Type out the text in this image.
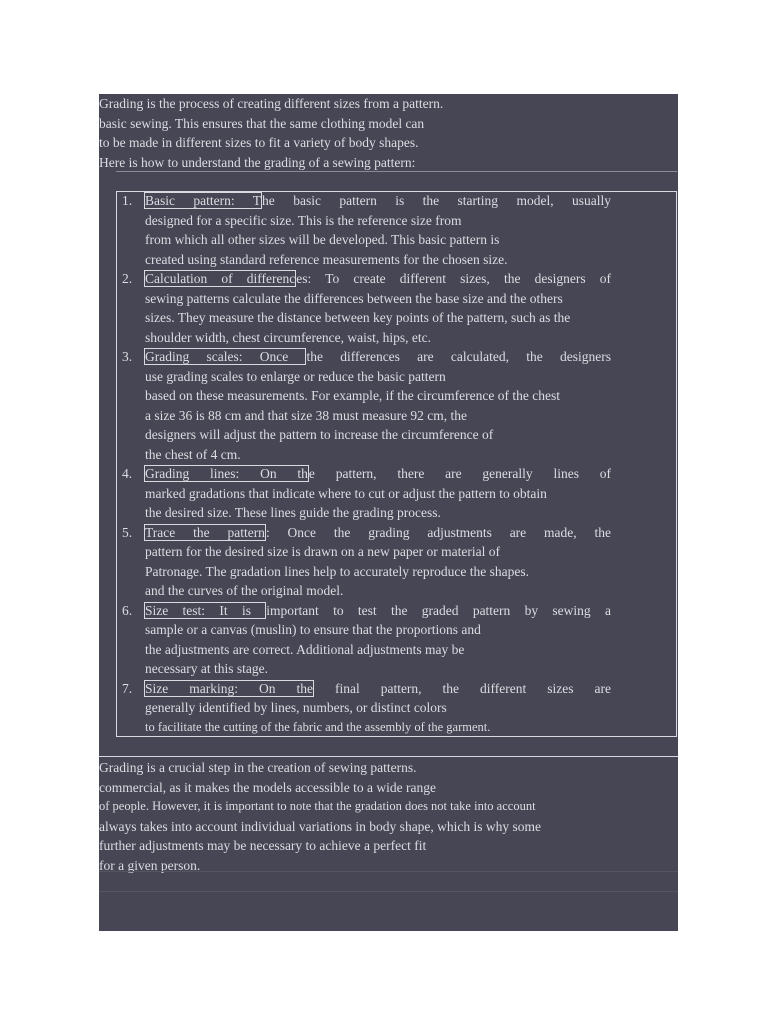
Grading is the process of creating different sizes from a pattern.
basic sewing. This ensures that the same clothing model can
to be made in different sizes to fit a variety of body shapes.
Here is how to understand the grading of a sewing pattern:
1. Basic pattern: The basic pattern is the starting model, usually
designed for a specific size. This is the reference size from
from which all other sizes will be developed. This basic pattern is
created using standard reference measurements for the chosen size.
2. Calculation of differences: To create different sizes, the designers of
sewing patterns calculate the differences between the base size and the others
sizes. They measure the distance between key points of the pattern, such as the
shoulder width, chest circumference, waist, hips, etc.
3. Grading scales: Once the differences are calculated, the designers
use grading scales to enlarge or reduce the basic pattern
based on these measurements. For example, if the circumference of the chest
a size 36 is 88 cm and that size 38 must measure 92 cm, the
designers will adjust the pattern to increase the circumference of
the chest of 4 cm.
4. Grading lines: On the pattern, there are generally lines of
marked gradations that indicate where to cut or adjust the pattern to obtain
the desired size. These lines guide the grading process.
5. Trace the pattern: Once the grading adjustments are made, the
pattern for the desired size is drawn on a new paper or material of
Patronage. The gradation lines help to accurately reproduce the shapes.
and the curves of the original model.
6. Size test: It is important to test the graded pattern by sewing a
sample or a canvas (muslin) to ensure that the proportions and
the adjustments are correct. Additional adjustments may be
necessary at this stage.
7. Size marking: On the final pattern, the different sizes are
generally identified by lines, numbers, or distinct colors
to facilitate the cutting of the fabric and the assembly of the garment.
Grading is a crucial step in the creation of sewing patterns.
commercial, as it makes the models accessible to a wide range
of people. However, it is important to note that the gradation does not take into account
always takes into account individual variations in body shape, which is why some
further adjustments may be necessary to achieve a perfect fit
for a given person.
